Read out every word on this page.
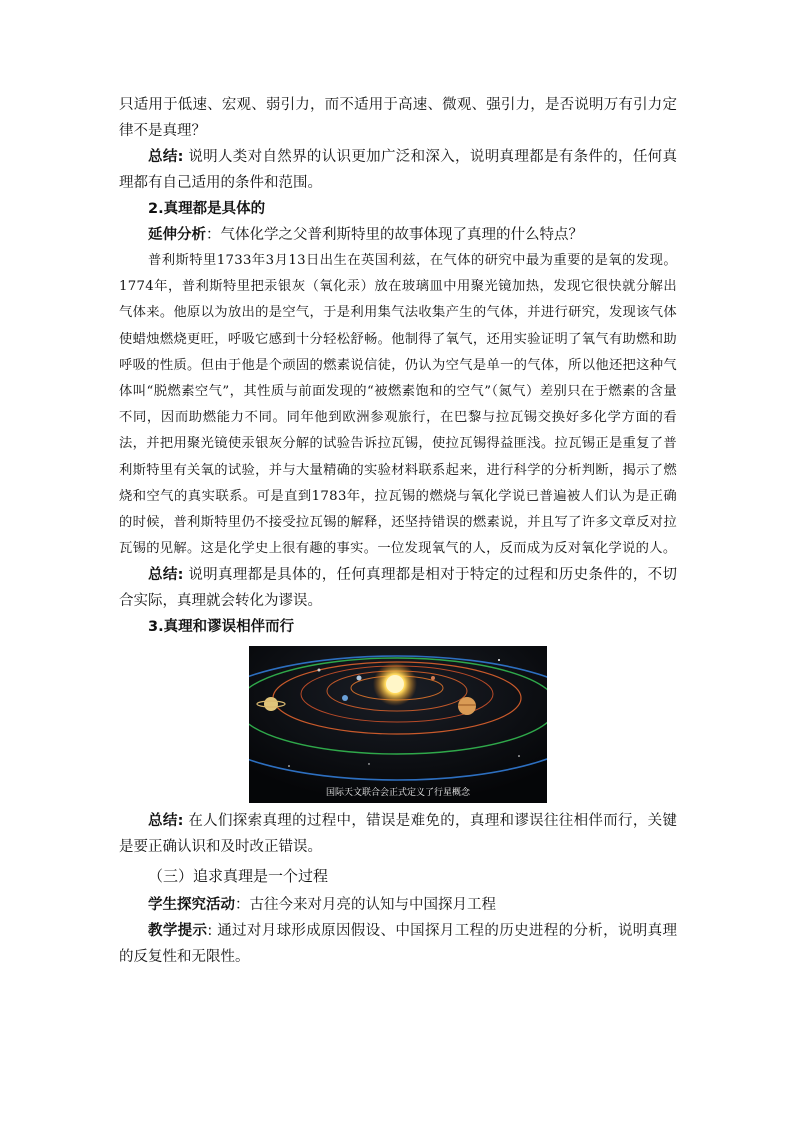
只适用于低速、宏观、弱引力，而不适用于高速、微观、强引力，是否说明万有引力定律不是真理？

总结: 说明人类对自然界的认识更加广泛和深入，说明真理都是有条件的，任何真理都有自己适用的条件和范围。

2.真理都是具体的

延伸分析：气体化学之父普利斯特里的故事体现了真理的什么特点？

普利斯特里1733年3月13日出生在英国利兹，在气体的研究中最为重要的是氧的发现。1774年，普利斯特里把汞银灰（氧化汞）放在玻璃皿中用聚光镜加热，发现它很快就分解出气体来。他原以为放出的是空气，于是利用集气法收集产生的气体，并进行研究，发现该气体使蜡烛燃烧更旺，呼吸它感到十分轻松舒畅。他制得了氧气，还用实验证明了氧气有助燃和助呼吸的性质。但由于他是个顽固的燃素说信徒，仍认为空气是单一的气体，所以他还把这种气体叫“脱燃素空气”，其性质与前面发现的“被燃素饱和的空气”（氮气）差别只在于燃素的含量不同，因而助燃能力不同。同年他到欧洲参观旅行，在巴黎与拉瓦锡交换好多化学方面的看法，并把用聚光镜使汞银灰分解的试验告诉拉瓦锡，使拉瓦锡得益匪浅。拉瓦锡正是重复了普利斯特里有关氧的试验，并与大量精确的实验材料联系起来，进行科学的分析判断，揭示了燃烧和空气的真实联系。可是直到1783年，拉瓦锡的燃烧与氧化学说已普遍被人们认为是正确的时候，普利斯特里仍不接受拉瓦锡的解释，还坚持错误的燃素说，并且写了许多文章反对拉瓦锡的见解。这是化学史上很有趣的事实。一位发现氧气的人，反而成为反对氧化学说的人。

总结: 说明真理都是具体的，任何真理都是相对于特定的过程和历史条件的，不切合实际，真理就会转化为谬误。

3.真理和谬误相伴而行
国际天文联合会正式定义了行星概念

总结: 在人们探索真理的过程中，错误是难免的，真理和谬误往往相伴而行，关键是要正确认识和及时改正错误。

（三）追求真理是一个过程

学生探究活动：古往今来对月亮的认知与中国探月工程

教学提示: 通过对月球形成原因假设、中国探月工程的历史进程的分析，说明真理的反复性和无限性。
